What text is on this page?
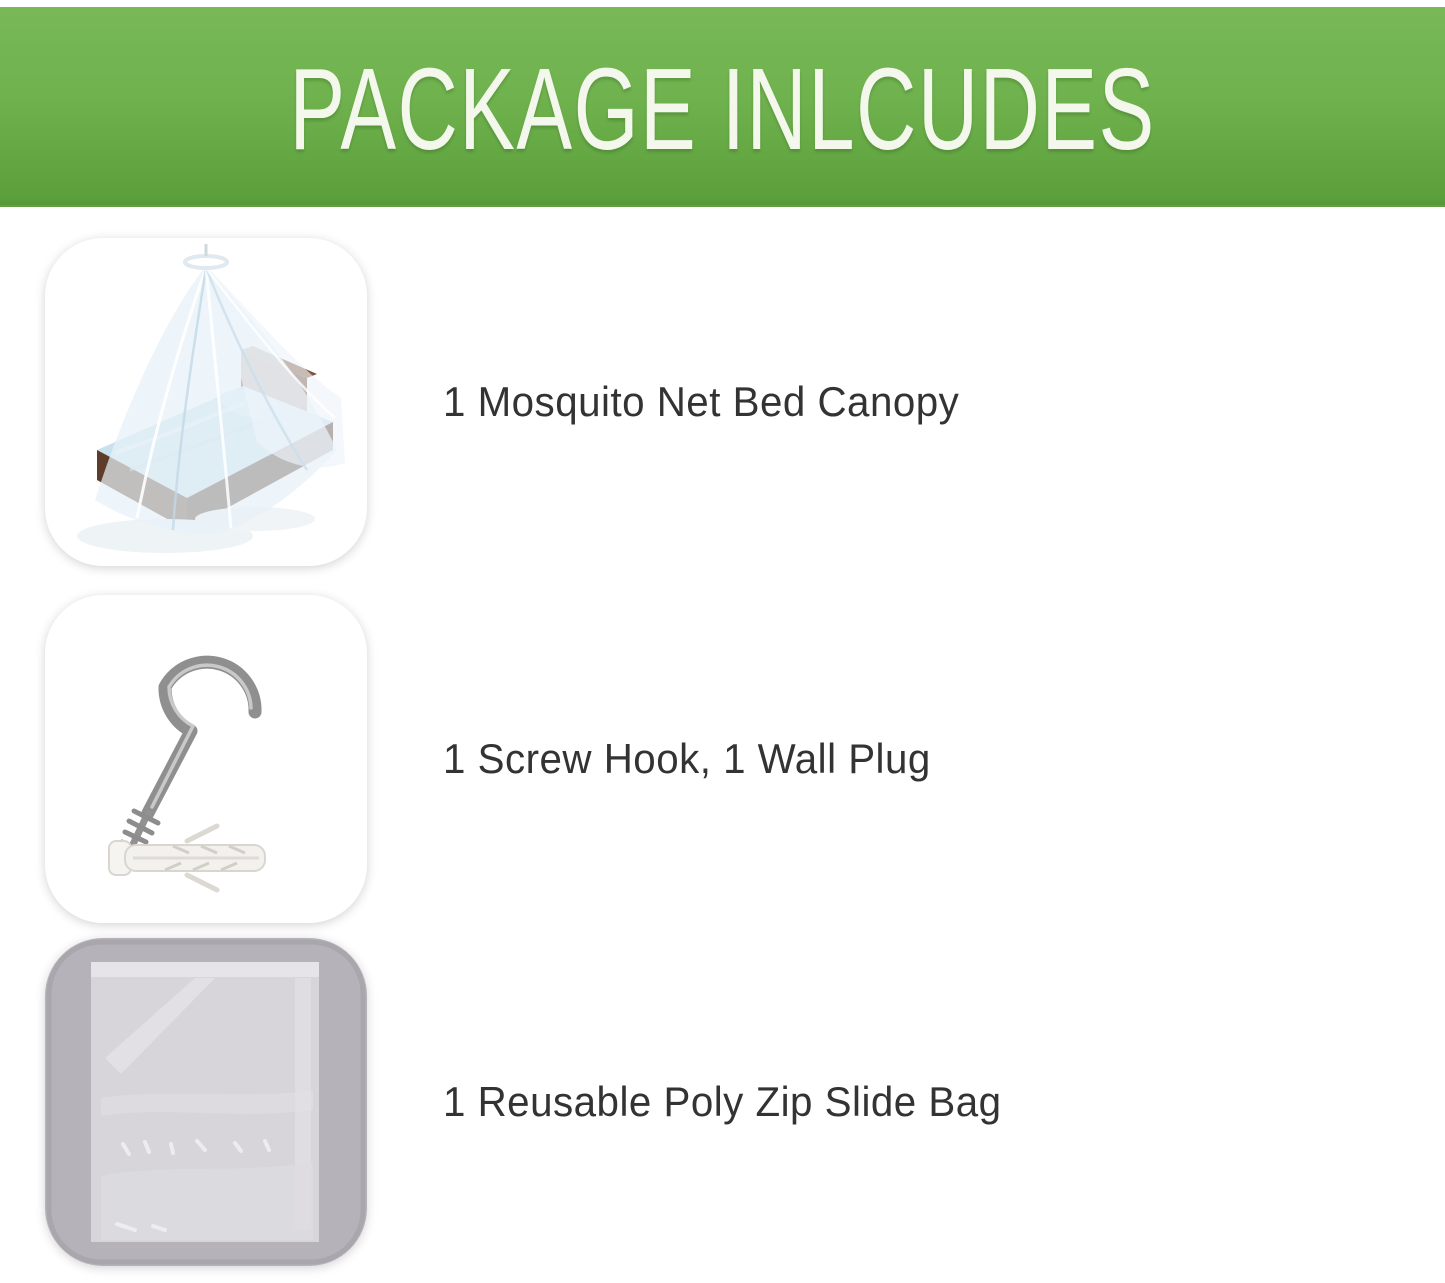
PACKAGE INLCUDES

1 Mosquito Net Bed Canopy

1 Screw Hook, 1 Wall Plug

1 Reusable Poly Zip Slide Bag
